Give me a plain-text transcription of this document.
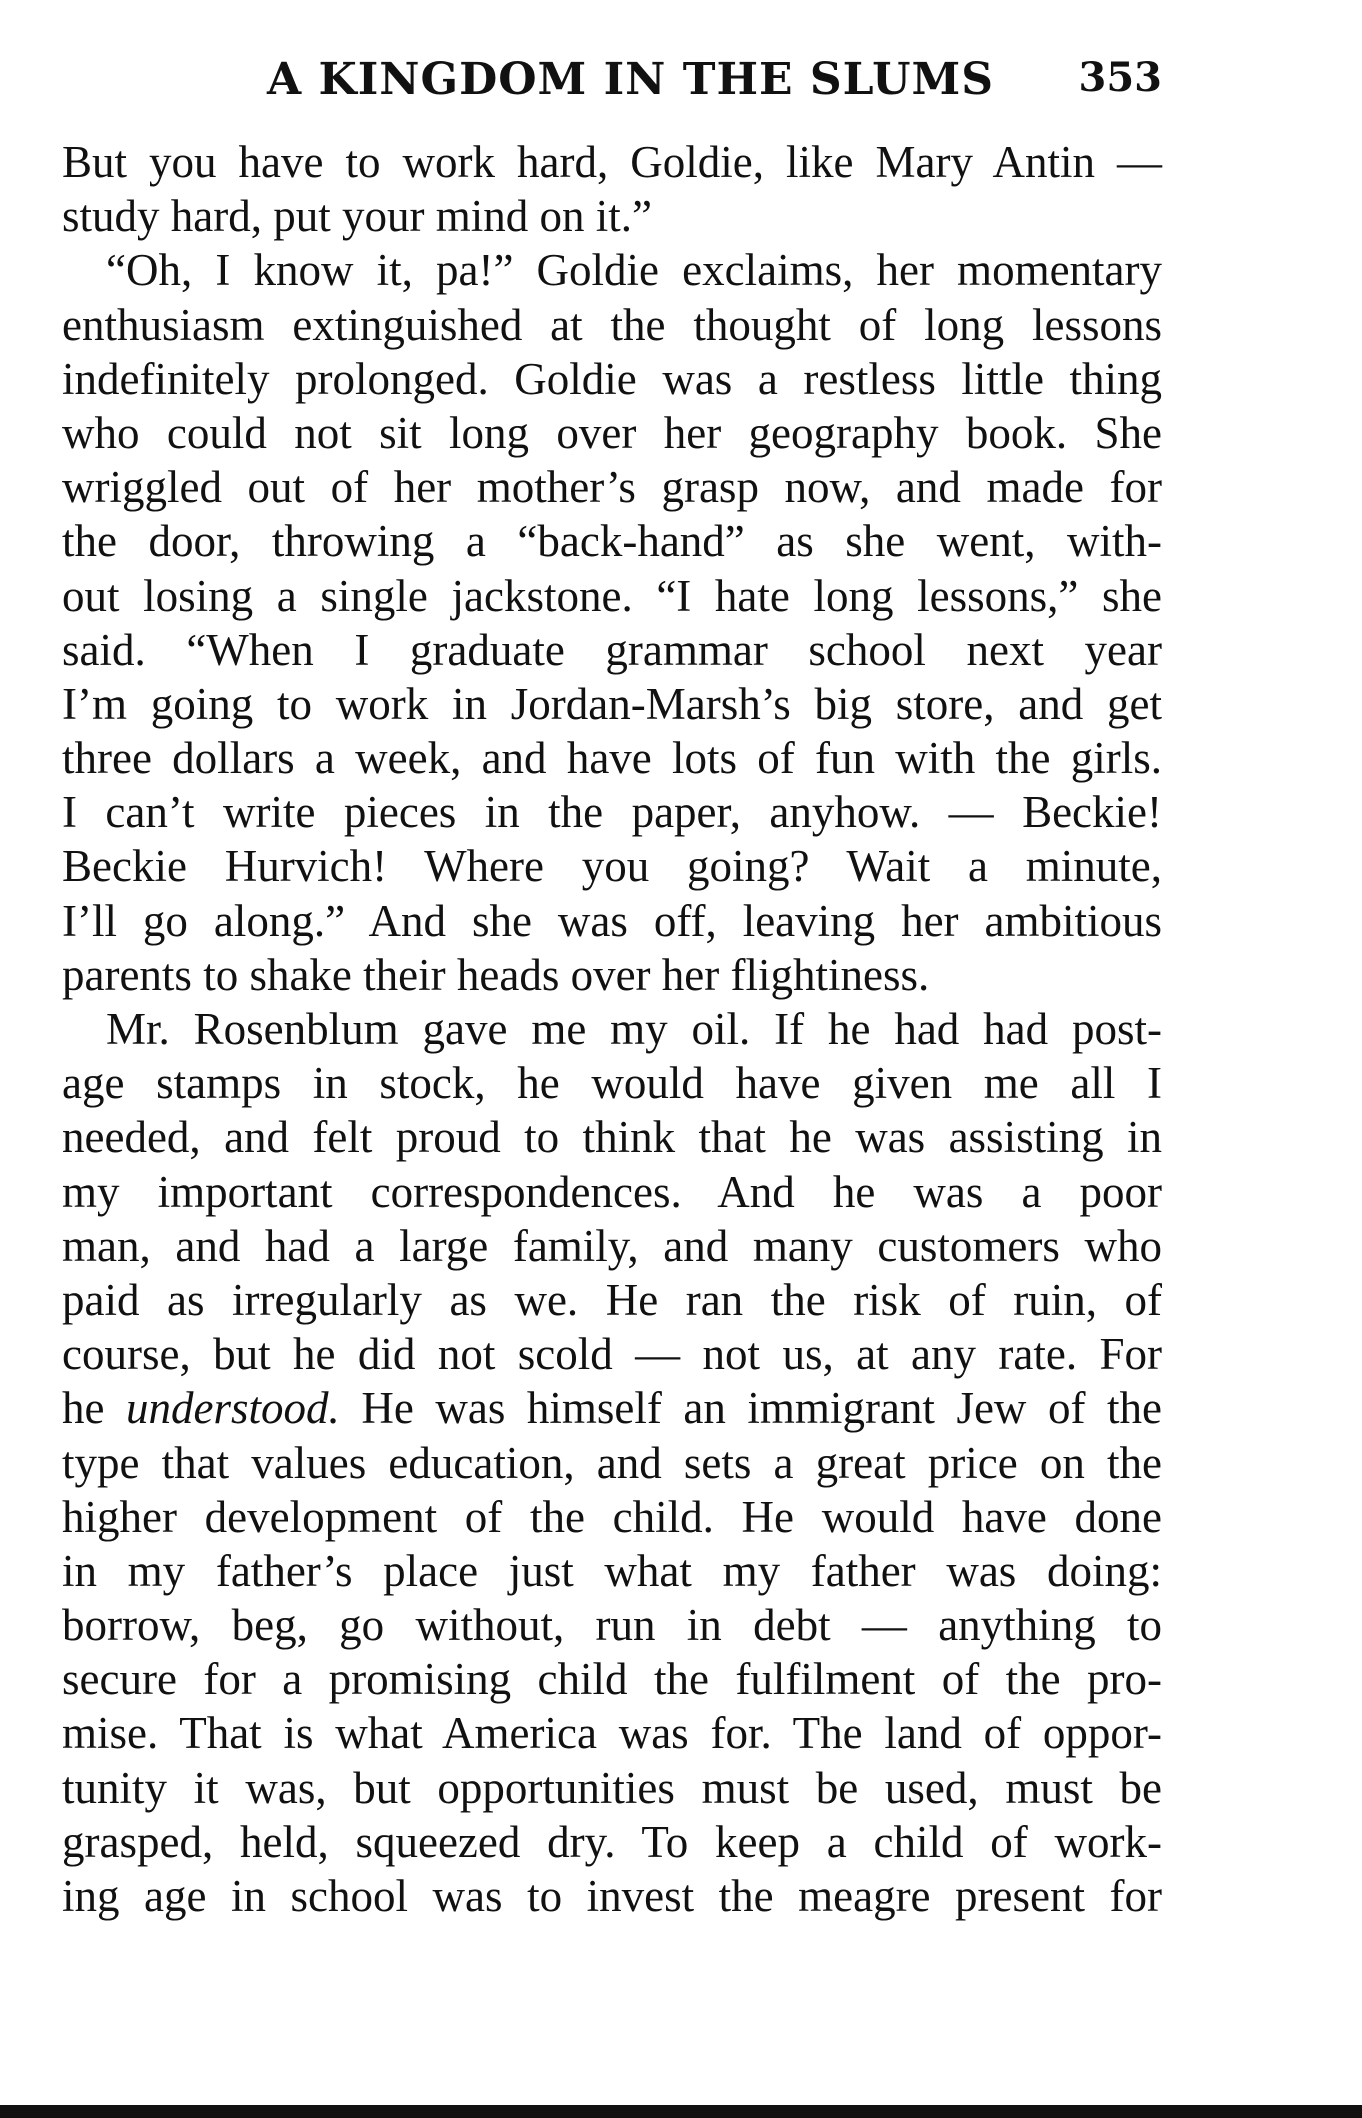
A KINGDOM IN THE SLUMS 353
But you have to work hard, Goldie, like Mary Antin —
study hard, put your mind on it.”
“Oh, I know it, pa!” Goldie exclaims, her momentary
enthusiasm extinguished at the thought of long lessons
indefinitely prolonged. Goldie was a restless little thing
who could not sit long over her geography book. She
wriggled out of her mother’s grasp now, and made for
the door, throwing a “back-hand” as she went, with-
out losing a single jackstone. “I hate long lessons,” she
said. “When I graduate grammar school next year
I’m going to work in Jordan-Marsh’s big store, and get
three dollars a week, and have lots of fun with the girls.
I can’t write pieces in the paper, anyhow. — Beckie!
Beckie Hurvich! Where you going? Wait a minute,
I’ll go along.” And she was off, leaving her ambitious
parents to shake their heads over her flightiness.
Mr. Rosenblum gave me my oil. If he had had post-
age stamps in stock, he would have given me all I
needed, and felt proud to think that he was assisting in
my important correspondences. And he was a poor
man, and had a large family, and many customers who
paid as irregularly as we. He ran the risk of ruin, of
course, but he did not scold — not us, at any rate. For
he understood. He was himself an immigrant Jew of the
type that values education, and sets a great price on the
higher development of the child. He would have done
in my father’s place just what my father was doing:
borrow, beg, go without, run in debt — anything to
secure for a promising child the fulfilment of the pro-
mise. That is what America was for. The land of oppor-
tunity it was, but opportunities must be used, must be
grasped, held, squeezed dry. To keep a child of work-
ing age in school was to invest the meagre present for
